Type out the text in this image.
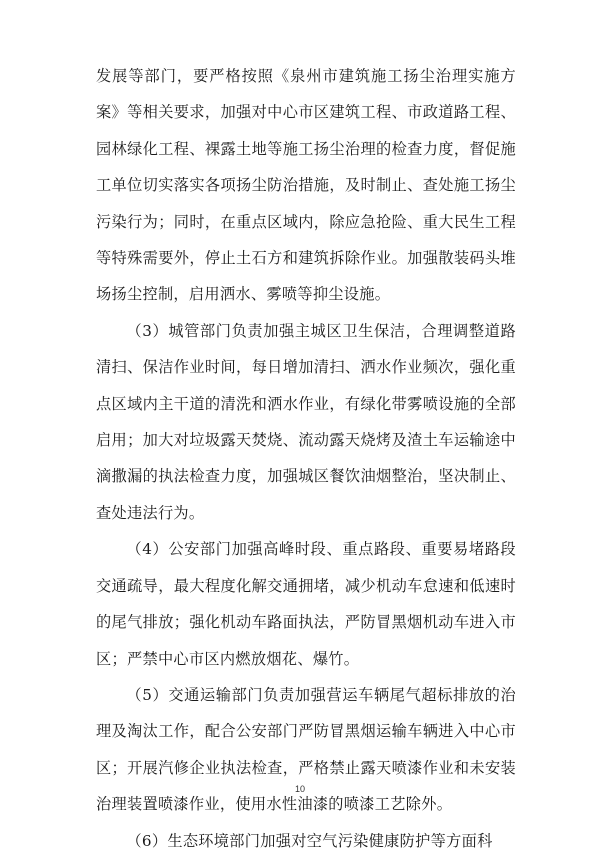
发展等部门，要严格按照《泉州市建筑施工扬尘治理实施方案》等相关要求，加强对中心市区建筑工程、市政道路工程、园林绿化工程、裸露土地等施工扬尘治理的检查力度，督促施工单位切实落实各项扬尘防治措施，及时制止、查处施工扬尘污染行为；同时，在重点区域内，除应急抢险、重大民生工程等特殊需要外，停止土石方和建筑拆除作业。加强散装码头堆场扬尘控制，启用洒水、雾喷等抑尘设施。

（3）城管部门负责加强主城区卫生保洁，合理调整道路清扫、保洁作业时间，每日增加清扫、洒水作业频次，强化重点区域内主干道的清洗和洒水作业，有绿化带雾喷设施的全部启用；加大对垃圾露天焚烧、流动露天烧烤及渣土车运输途中滴撒漏的执法检查力度，加强城区餐饮油烟整治，坚决制止、查处违法行为。

（4）公安部门加强高峰时段、重点路段、重要易堵路段交通疏导，最大程度化解交通拥堵，减少机动车怠速和低速时的尾气排放；强化机动车路面执法，严防冒黑烟机动车进入市区；严禁中心市区内燃放烟花、爆竹。

（5）交通运输部门负责加强营运车辆尾气超标排放的治理及淘汰工作，配合公安部门严防冒黑烟运输车辆进入中心市区；开展汽修企业执法检查，严格禁止露天喷漆作业和未安装治理装置喷漆作业，使用水性油漆的喷漆工艺除外。

（6）生态环境部门加强对空气污染健康防护等方面科

10
